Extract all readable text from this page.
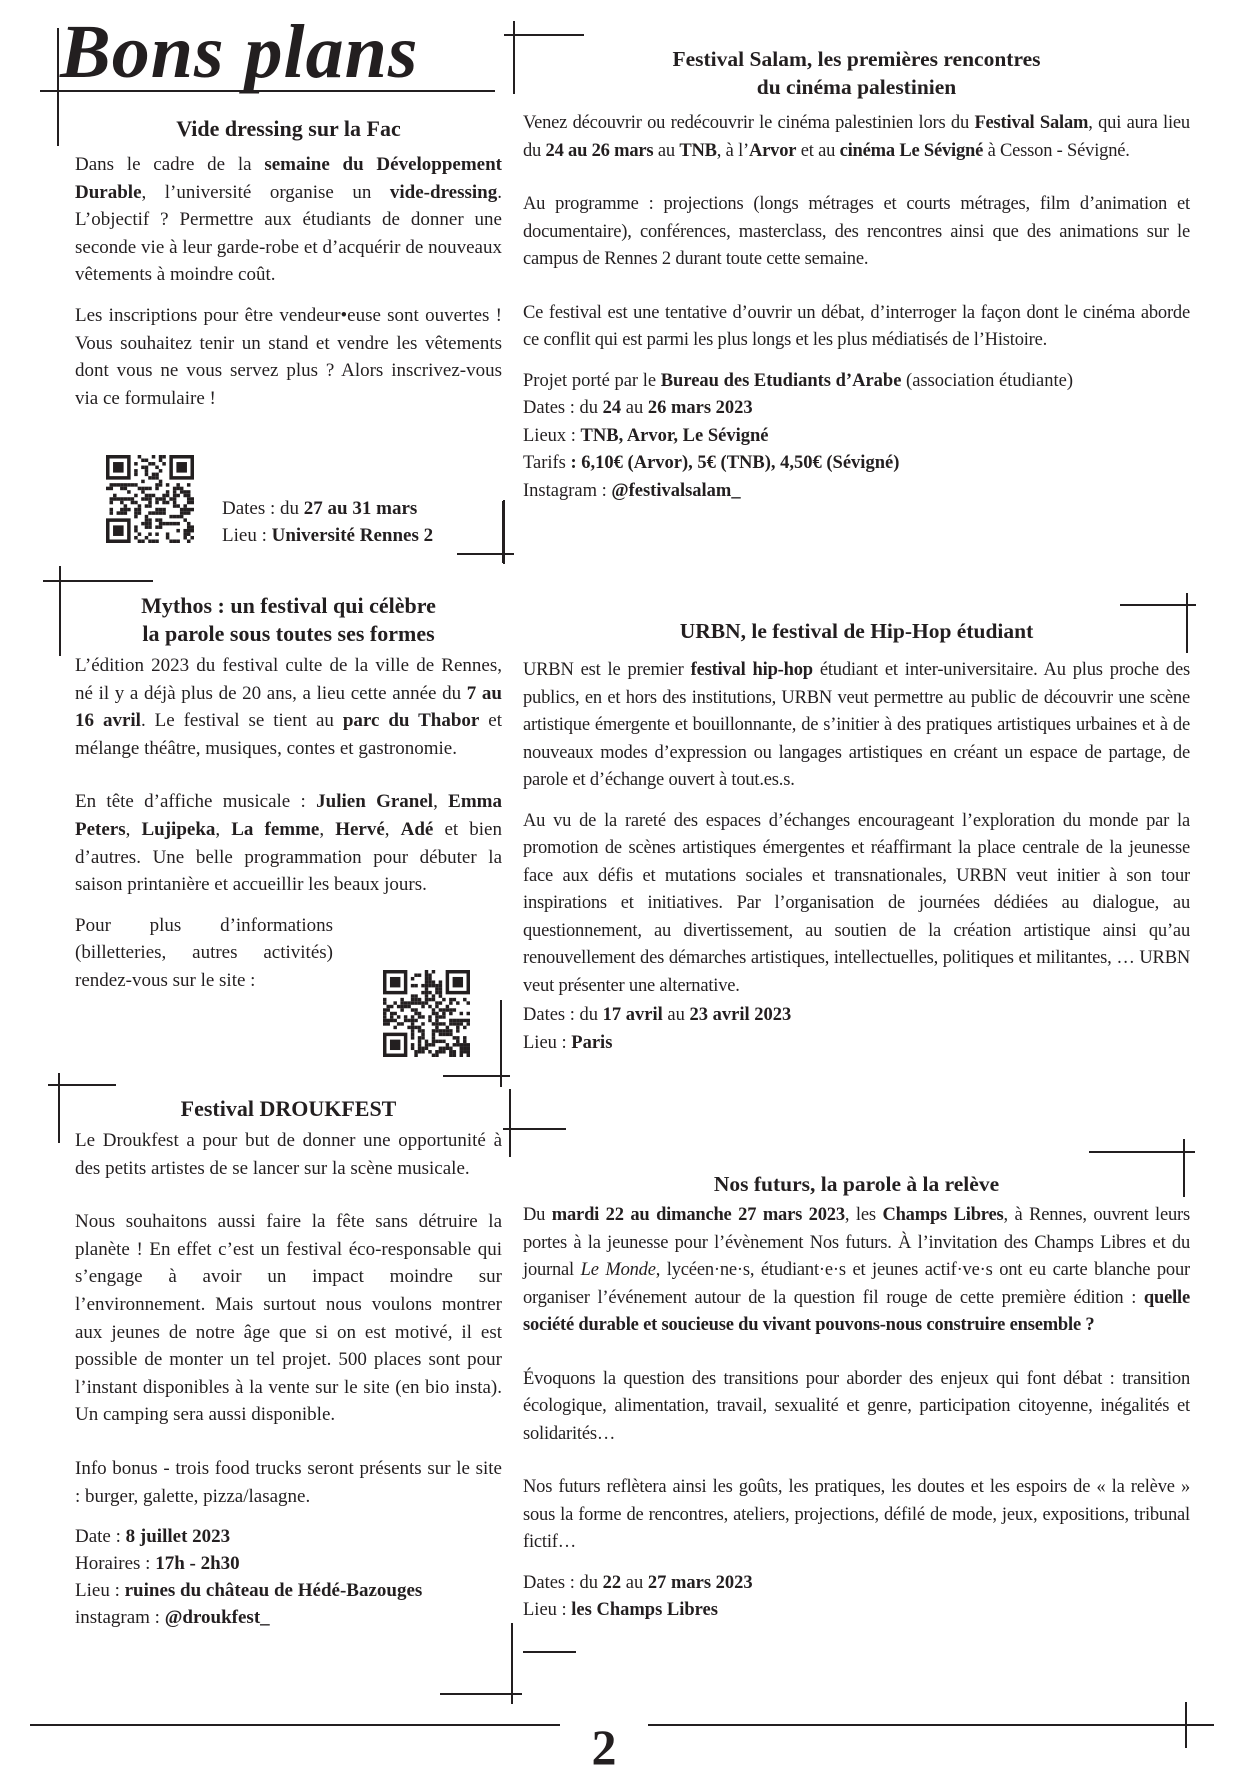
Bons plans
Vide dressing sur la Fac

Dans le cadre de la semaine du Développement Durable, l’université organise un vide-dressing. L’objectif ? Permettre aux étudiants de donner une seconde vie à leur garde-robe et d’acquérir de nouveaux vêtements à moindre coût.

Les inscriptions pour être vendeur•euse sont ouvertes ! Vous souhaitez tenir un stand et vendre les vêtements dont vous ne vous servez plus ? Alors inscrivez-vous via ce formulaire !

Dates : du 27 au 31 mars
Lieu : Université Rennes 2
Mythos : un festival qui célèbre
la parole sous toutes ses formes

L’édition 2023 du festival culte de la ville de Rennes, né il y a déjà plus de 20 ans, a lieu cette année du 7 au 16 avril. Le festival se tient au parc du Thabor et mélange théâtre, musiques, contes et gastronomie.

En tête d’affiche musicale : Julien Granel, Emma Peters, Lujipeka, La femme, Hervé, Adé et bien d’autres. Une belle programmation pour débuter la saison printanière et accueillir les beaux jours.

Pour plus d’informations (billetteries, autres activités) rendez-vous sur le site :

Festival DROUKFEST

Le Droukfest a pour but de donner une opportunité à des petits artistes de se lancer sur la scène musicale.

Nous souhaitons aussi faire la fête sans détruire la planète ! En effet c’est un festival éco-responsable qui s’engage à avoir un impact moindre sur l’environnement. Mais surtout nous voulons montrer aux jeunes de notre âge que si on est motivé, il est possible de monter un tel projet. 500 places sont pour l’instant disponibles à la vente sur le site (en bio insta). Un camping sera aussi disponible.

Info bonus - trois food trucks seront présents sur le site : burger, galette, pizza/lasagne.

Date : 8 juillet 2023
Horaires : 17h - 2h30
Lieu : ruines du château de Hédé-Bazouges
instagram : @droukfest_
Festival Salam, les premières rencontres
du cinéma palestinien

Venez découvrir ou redécouvrir le cinéma palestinien lors du Festival Salam, qui aura lieu du 24 au 26 mars au TNB, à l’Arvor et au cinéma Le Sévigné à Cesson - Sévigné.

Au programme : projections (longs métrages et courts métrages, film d’animation et documentaire), conférences, masterclass, des rencontres ainsi que des animations sur le campus de Rennes 2 durant toute cette semaine.

Ce festival est une tentative d’ouvrir un débat, d’interroger la façon dont le cinéma aborde ce conflit qui est parmi les plus longs et les plus médiatisés de l’Histoire.

Projet porté par le Bureau des Etudiants d’Arabe (association étudiante)
Dates : du 24 au 26 mars 2023
Lieux : TNB, Arvor, Le Sévigné
Tarifs : 6,10€ (Arvor), 5€ (TNB), 4,50€ (Sévigné)
Instagram : @festivalsalam_
URBN, le festival de Hip-Hop étudiant

URBN est le premier festival hip-hop étudiant et inter-universitaire. Au plus proche des publics, en et hors des institutions, URBN veut permettre au public de découvrir une scène artistique émergente et bouillonnante, de s’initier à des pratiques artistiques urbaines et à de nouveaux modes d’expression ou langages artistiques en créant un espace de partage, de parole et d’échange ouvert à tout.es.s.

Au vu de la rareté des espaces d’échanges encourageant l’exploration du monde par la promotion de scènes artistiques émergentes et réaffirmant la place centrale de la jeunesse face aux défis et mutations sociales et transnationales, URBN veut initier à son tour inspirations et initiatives. Par l’organisation de journées dédiées au dialogue, au questionnement, au divertissement, au soutien de la création artistique ainsi qu’au renouvellement des démarches artistiques, intellectuelles, politiques et militantes, … URBN veut présenter une alternative.

Dates : du 17 avril au 23 avril 2023
Lieu : Paris
Nos futurs, la parole à la relève

Du mardi 22 au dimanche 27 mars 2023, les Champs Libres, à Rennes, ouvrent leurs portes à la jeunesse pour l’évènement Nos futurs. À l’invitation des Champs Libres et du journal Le Monde, lycéen·ne·s, étudiant·e·s et jeunes actif·ve·s ont eu carte blanche pour organiser l’événement autour de la question fil rouge de cette première édition : quelle société durable et soucieuse du vivant pouvons-nous construire ensemble ?

Évoquons la question des transitions pour aborder des enjeux qui font débat : transition écologique, alimentation, travail, sexualité et genre, participation citoyenne, inégalités et solidarités…

Nos futurs reflètera ainsi les goûts, les pratiques, les doutes et les espoirs de « la relève » sous la forme de rencontres, ateliers, projections, défilé de mode, jeux, expositions, tribunal fictif…

Dates : du 22 au 27 mars 2023
Lieu : les Champs Libres
2
